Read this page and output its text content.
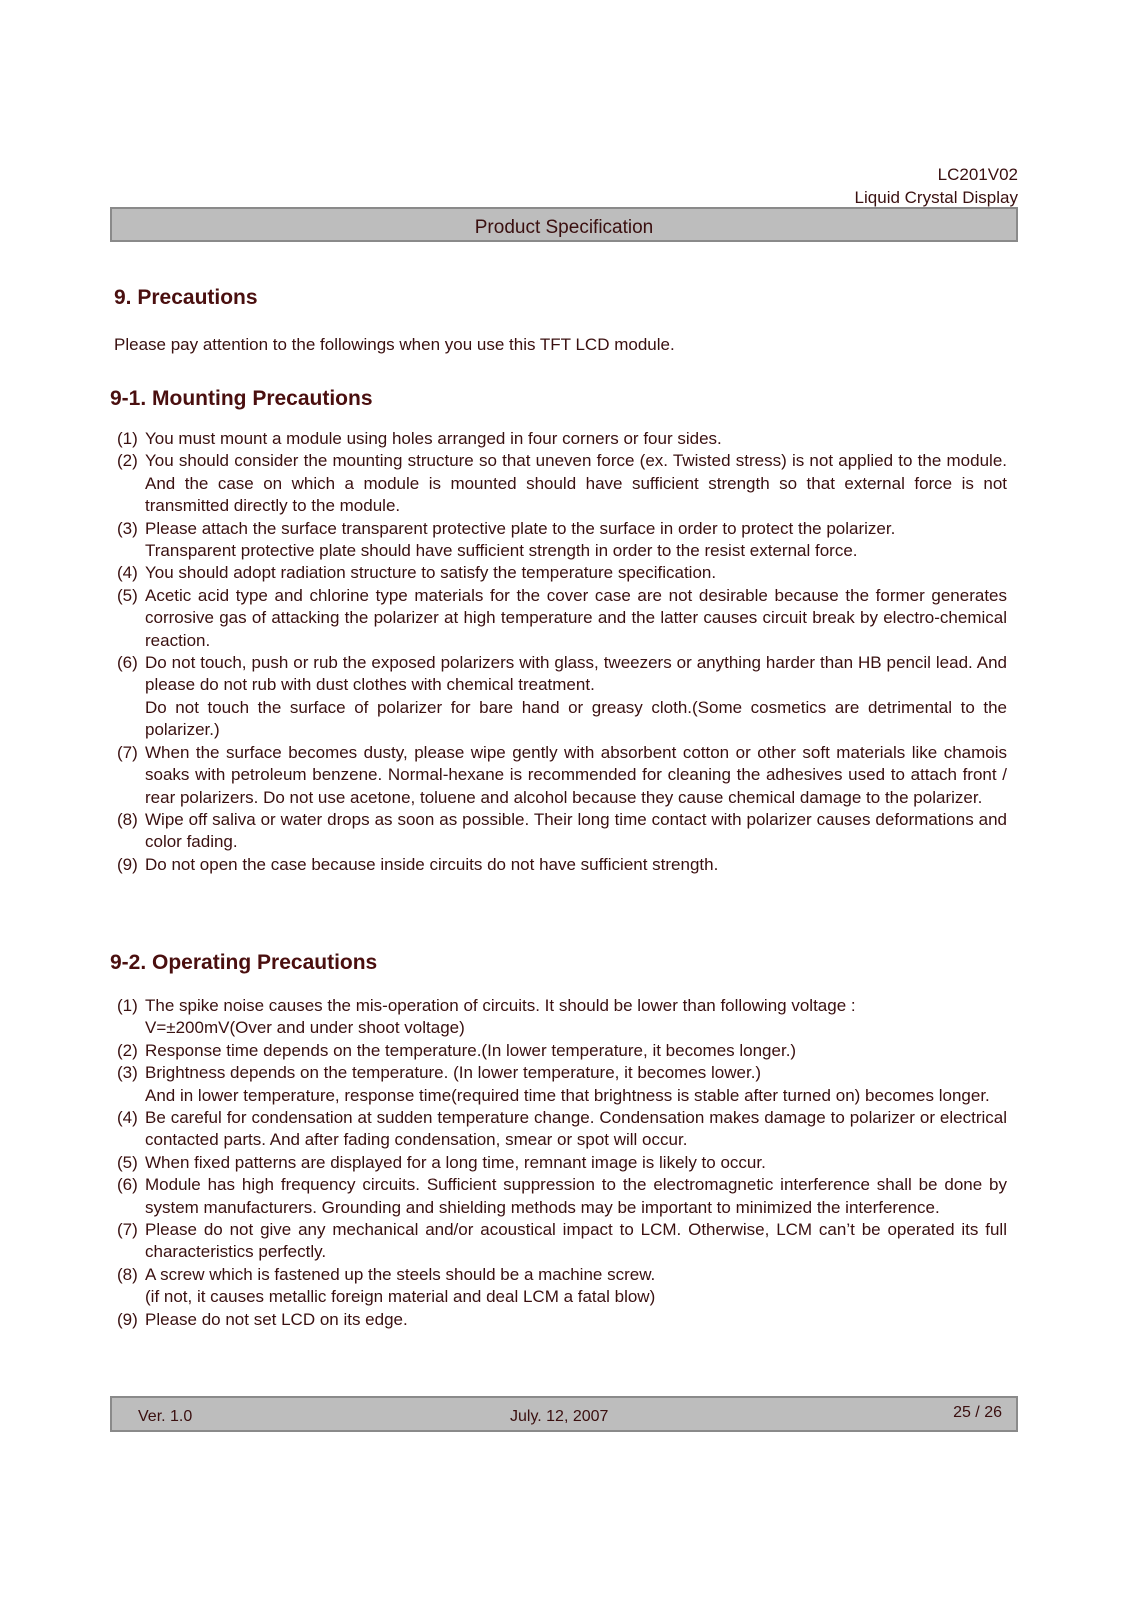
LC201V02
Liquid Crystal Display
Product Specification
9. Precautions
Please pay attention to the followings when you use this TFT LCD module.
9-1. Mounting Precautions
(1) You must mount a module using holes arranged in four corners or four sides.

(2) You should consider the mounting structure so that uneven force (ex. Twisted stress) is not applied to the module. And the case on which a module is mounted should have sufficient strength so that external force is not transmitted directly to the module.

(3) Please attach the surface transparent protective plate to the surface in order to protect the polarizer.

Transparent protective plate should have sufficient strength in order to the resist external force.

(4) You should adopt radiation structure to satisfy the temperature specification.

(5) Acetic acid type and chlorine type materials for the cover case are not desirable because the former generates corrosive gas of attacking the polarizer at high temperature and the latter causes circuit break by electro-chemical reaction.

(6) Do not touch, push or rub the exposed polarizers with glass, tweezers or anything harder than HB pencil lead. And please do not rub with dust clothes with chemical treatment.

Do not touch the surface of polarizer for bare hand or greasy cloth.(Some cosmetics are detrimental to the polarizer.)

(7) When the surface becomes dusty, please wipe gently with absorbent cotton or other soft materials like chamois soaks with petroleum benzene. Normal-hexane is recommended for cleaning the adhesives used to attach front / rear polarizers. Do not use acetone, toluene and alcohol because they cause chemical damage to the polarizer.

(8) Wipe off saliva or water drops as soon as possible. Their long time contact with polarizer causes deformations and color fading.

(9) Do not open the case because inside circuits do not have sufficient strength.

9-2. Operating Precautions
(1) The spike noise causes the mis-operation of circuits. It should be lower than following voltage :

V=±200mV(Over and under shoot voltage)

(2) Response time depends on the temperature.(In lower temperature, it becomes longer.)

(3) Brightness depends on the temperature. (In lower temperature, it becomes lower.)

And in lower temperature, response time(required time that brightness is stable after turned on) becomes longer.

(4) Be careful for condensation at sudden temperature change. Condensation makes damage to polarizer or electrical contacted parts. And after fading condensation, smear or spot will occur.

(5) When fixed patterns are displayed for a long time, remnant image is likely to occur.

(6) Module has high frequency circuits. Sufficient suppression to the electromagnetic interference shall be done by system manufacturers. Grounding and shielding methods may be important to minimized the interference.

(7) Please do not give any mechanical and/or acoustical impact to LCM. Otherwise, LCM can’t be operated its full characteristics perfectly.

(8) A screw which is fastened up the steels should be a machine screw.

(if not, it causes metallic foreign material and deal LCM a fatal blow)

(9) Please do not set LCD on its edge.

Ver. 1.0	July. 12, 2007	25 / 26
